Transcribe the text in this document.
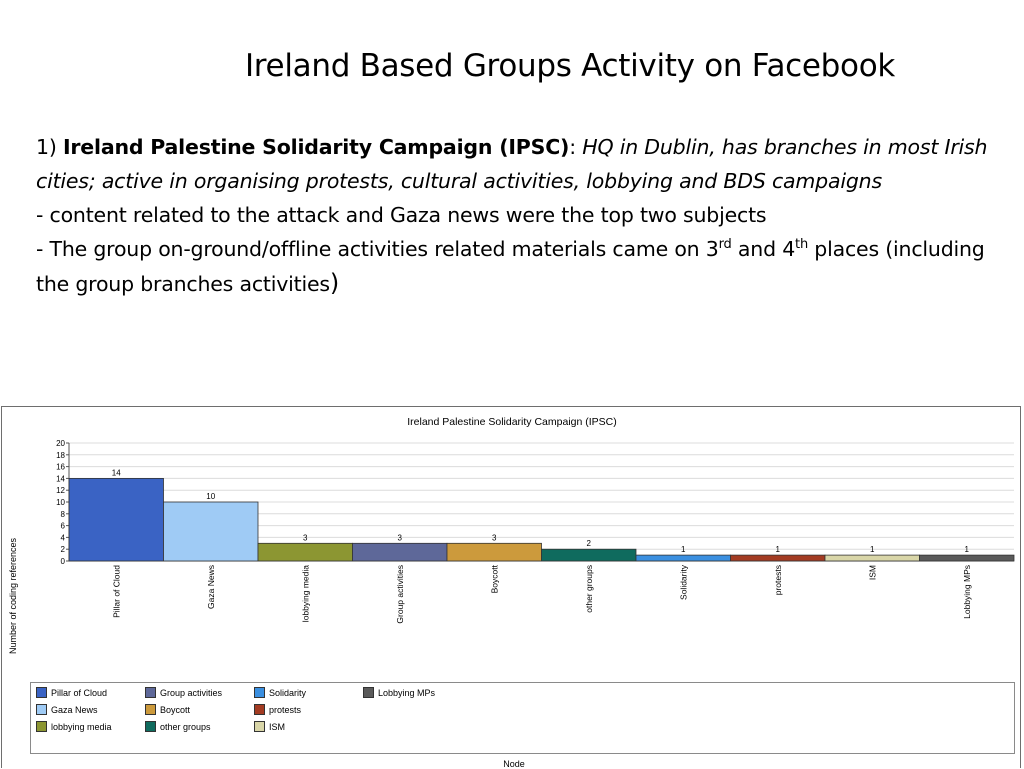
Ireland Based Groups Activity on Facebook

1) Ireland Palestine Solidarity Campaign (IPSC): HQ in Dublin, has branches in most Irish cities; active in organising protests, cultural activities, lobbying and BDS campaigns

- content related to the attack and Gaza news were the top two subjects

- The group on-ground/offline activities related materials came on 3rd and 4th places (including the group branches activities)

Ireland Palestine Solidarity Campaign (IPSC)
0
2
4
6
8
10
12
14
16
18
20
Number of coding references
14
Pillar of Cloud
10
Gaza News
3
lobbying media
3
Group activities
3
Boycott
2
other groups
1
Solidarity
1
protests
1
ISM
1
Lobbying MPs
Pillar of Cloud
Gaza News
lobbying media
Group activities
Boycott
other groups
Solidarity
protests
ISM
Lobbying MPs
Node
